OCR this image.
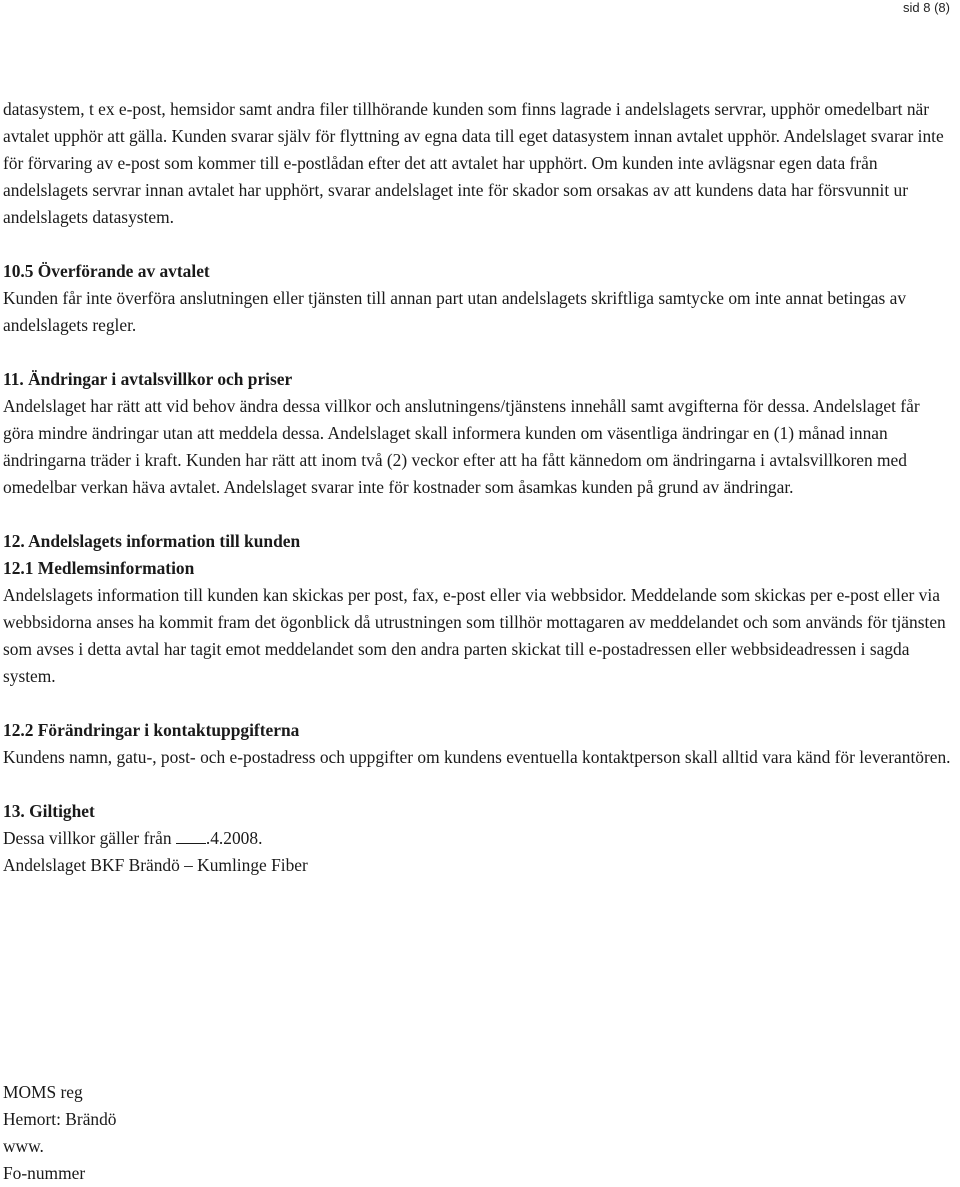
sid 8 (8)

datasystem, t ex e-post, hemsidor samt andra filer tillhörande kunden som finns lagrade i andelslagets servrar, upphör omedelbart när avtalet upphör att gälla. Kunden svarar själv för flyttning av egna data till eget datasystem innan avtalet upphör. Andelslaget svarar inte för förvaring av e-post som kommer till e-postlådan efter det att avtalet har upphört. Om kunden inte avlägsnar egen data från andelslagets servrar innan avtalet har upphört, svarar andelslaget inte för skador som orsakas av att kundens data har försvunnit ur andelslagets datasystem.

10.5 Överförande av avtalet

Kunden får inte överföra anslutningen eller tjänsten till annan part utan andelslagets skriftliga samtycke om inte annat betingas av andelslagets regler.

11. Ändringar i avtalsvillkor och priser

Andelslaget har rätt att vid behov ändra dessa villkor och anslutningens/tjänstens innehåll samt avgifterna för dessa. Andelslaget får göra mindre ändringar utan att meddela dessa. Andelslaget skall informera kunden om väsentliga ändringar en (1) månad innan ändringarna träder i kraft. Kunden har rätt att inom två (2) veckor efter att ha fått kännedom om ändringarna i avtalsvillkoren med omedelbar verkan häva avtalet. Andelslaget svarar inte för kostnader som åsamkas kunden på grund av ändringar.

12. Andelslagets information till kunden

12.1 Medlemsinformation

Andelslagets information till kunden kan skickas per post, fax, e-post eller via webbsidor. Meddelande som skickas per e-post eller via webbsidorna anses ha kommit fram det ögonblick då utrustningen som tillhör mottagaren av meddelandet och som används för tjänsten som avses i detta avtal har tagit emot meddelandet som den andra parten skickat till e-postadressen eller webbsideadressen i sagda system.

12.2 Förändringar i kontaktuppgifterna

Kundens namn, gatu-, post- och e-postadress och uppgifter om kundens eventuella kontaktperson skall alltid vara känd för leverantören.

13. Giltighet

Dessa villkor gäller från .4.2008.

Andelslaget BKF Brändö – Kumlinge Fiber

MOMS reg

Hemort: Brändö

www.

Fo-nummer
